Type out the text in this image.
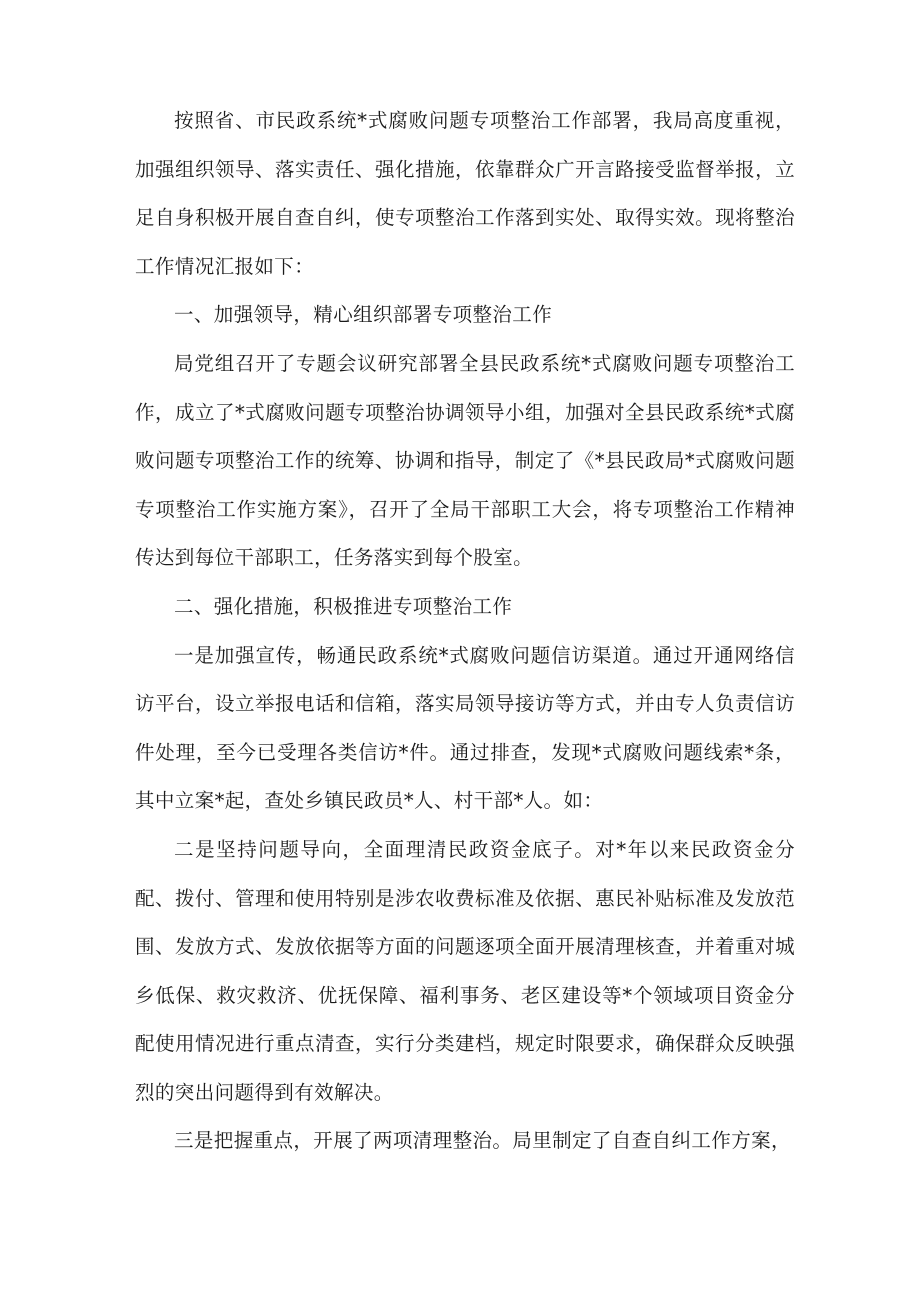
按照省、市民政系统*式腐败问题专项整治工作部署，我局高度重视，加强组织领导、落实责任、强化措施，依靠群众广开言路接受监督举报，立足自身积极开展自查自纠，使专项整治工作落到实处、取得实效。现将整治工作情况汇报如下：

一、加强领导，精心组织部署专项整治工作

局党组召开了专题会议研究部署全县民政系统*式腐败问题专项整治工作，成立了*式腐败问题专项整治协调领导小组，加强对全县民政系统*式腐败问题专项整治工作的统筹、协调和指导，制定了《*县民政局*式腐败问题专项整治工作实施方案》，召开了全局干部职工大会，将专项整治工作精神传达到每位干部职工，任务落实到每个股室。

二、强化措施，积极推进专项整治工作

一是加强宣传，畅通民政系统*式腐败问题信访渠道。通过开通网络信访平台，设立举报电话和信箱，落实局领导接访等方式，并由专人负责信访件处理，至今已受理各类信访*件。通过排查，发现*式腐败问题线索*条，其中立案*起，查处乡镇民政员*人、村干部*人。如：

二是坚持问题导向，全面理清民政资金底子。对*年以来民政资金分配、拨付、管理和使用特别是涉农收费标准及依据、惠民补贴标准及发放范围、发放方式、发放依据等方面的问题逐项全面开展清理核查，并着重对城乡低保、救灾救济、优抚保障、福利事务、老区建设等*个领域项目资金分配使用情况进行重点清查，实行分类建档，规定时限要求，确保群众反映强烈的突出问题得到有效解决。

三是把握重点，开展了两项清理整治。局里制定了自查自纠工作方案，
